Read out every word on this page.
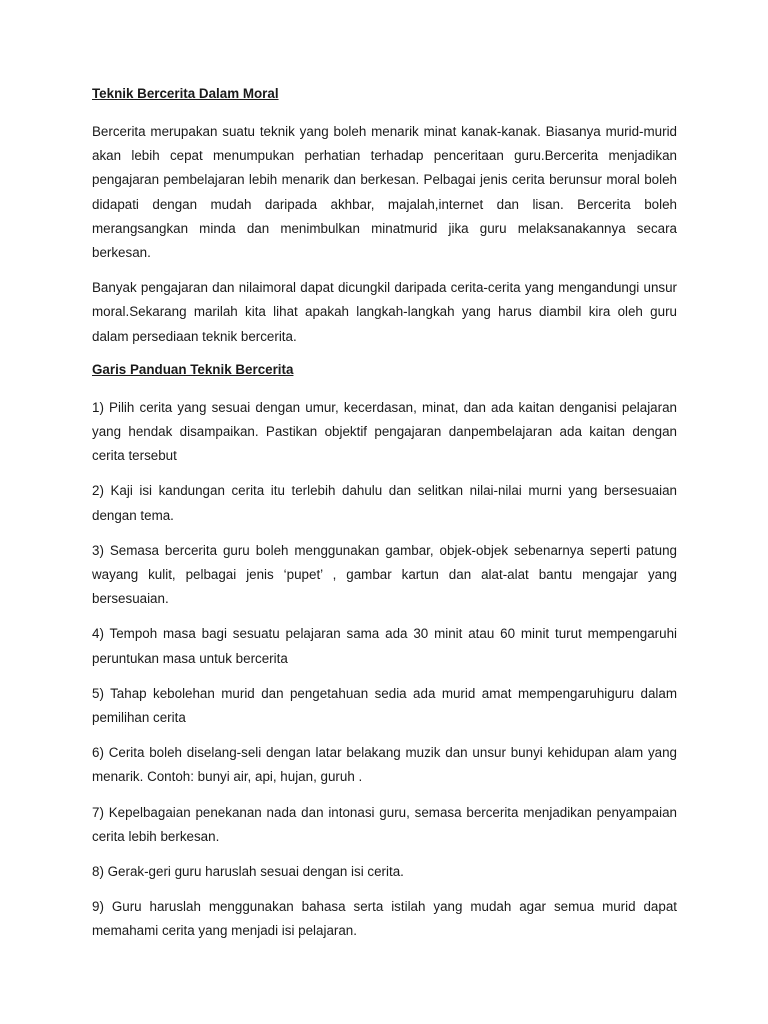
Teknik Bercerita Dalam Moral

Bercerita merupakan suatu teknik yang boleh menarik minat kanak-kanak. Biasanya murid-murid akan lebih cepat menumpukan perhatian terhadap penceritaan guru.Bercerita menjadikan pengajaran pembelajaran lebih menarik dan berkesan. Pelbagai jenis cerita berunsur moral boleh didapati dengan mudah daripada akhbar, majalah,internet dan lisan. Bercerita boleh merangsangkan minda dan menimbulkan minatmurid jika guru melaksanakannya secara berkesan.

Banyak pengajaran dan nilaimoral dapat dicungkil daripada cerita-cerita yang mengandungi unsur moral.Sekarang marilah kita lihat apakah langkah-langkah yang harus diambil kira oleh guru dalam persediaan teknik bercerita.

Garis Panduan Teknik Bercerita

1) Pilih cerita yang sesuai dengan umur, kecerdasan, minat, dan ada kaitan denganisi pelajaran yang hendak disampaikan. Pastikan objektif pengajaran danpembelajaran ada kaitan dengan cerita tersebut

2) Kaji isi kandungan cerita itu terlebih dahulu dan selitkan nilai-nilai murni yang bersesuaian dengan tema.

3) Semasa bercerita guru boleh menggunakan gambar, objek-objek sebenarnya seperti patung wayang kulit, pelbagai jenis ‘pupet’ , gambar kartun dan alat-alat bantu mengajar yang bersesuaian.

4) Tempoh masa bagi sesuatu pelajaran sama ada 30 minit atau 60 minit turut mempengaruhi peruntukan masa untuk bercerita

5) Tahap kebolehan murid dan pengetahuan sedia ada murid amat mempengaruhiguru dalam pemilihan cerita

6) Cerita boleh diselang-seli dengan latar belakang muzik dan unsur bunyi kehidupan alam yang menarik. Contoh: bunyi air, api, hujan, guruh .

7) Kepelbagaian penekanan nada dan intonasi guru, semasa bercerita menjadikan penyampaian cerita lebih berkesan.

8) Gerak-geri guru haruslah sesuai dengan isi cerita.

9) Guru haruslah menggunakan bahasa serta istilah yang mudah agar semua murid dapat memahami cerita yang menjadi isi pelajaran.
